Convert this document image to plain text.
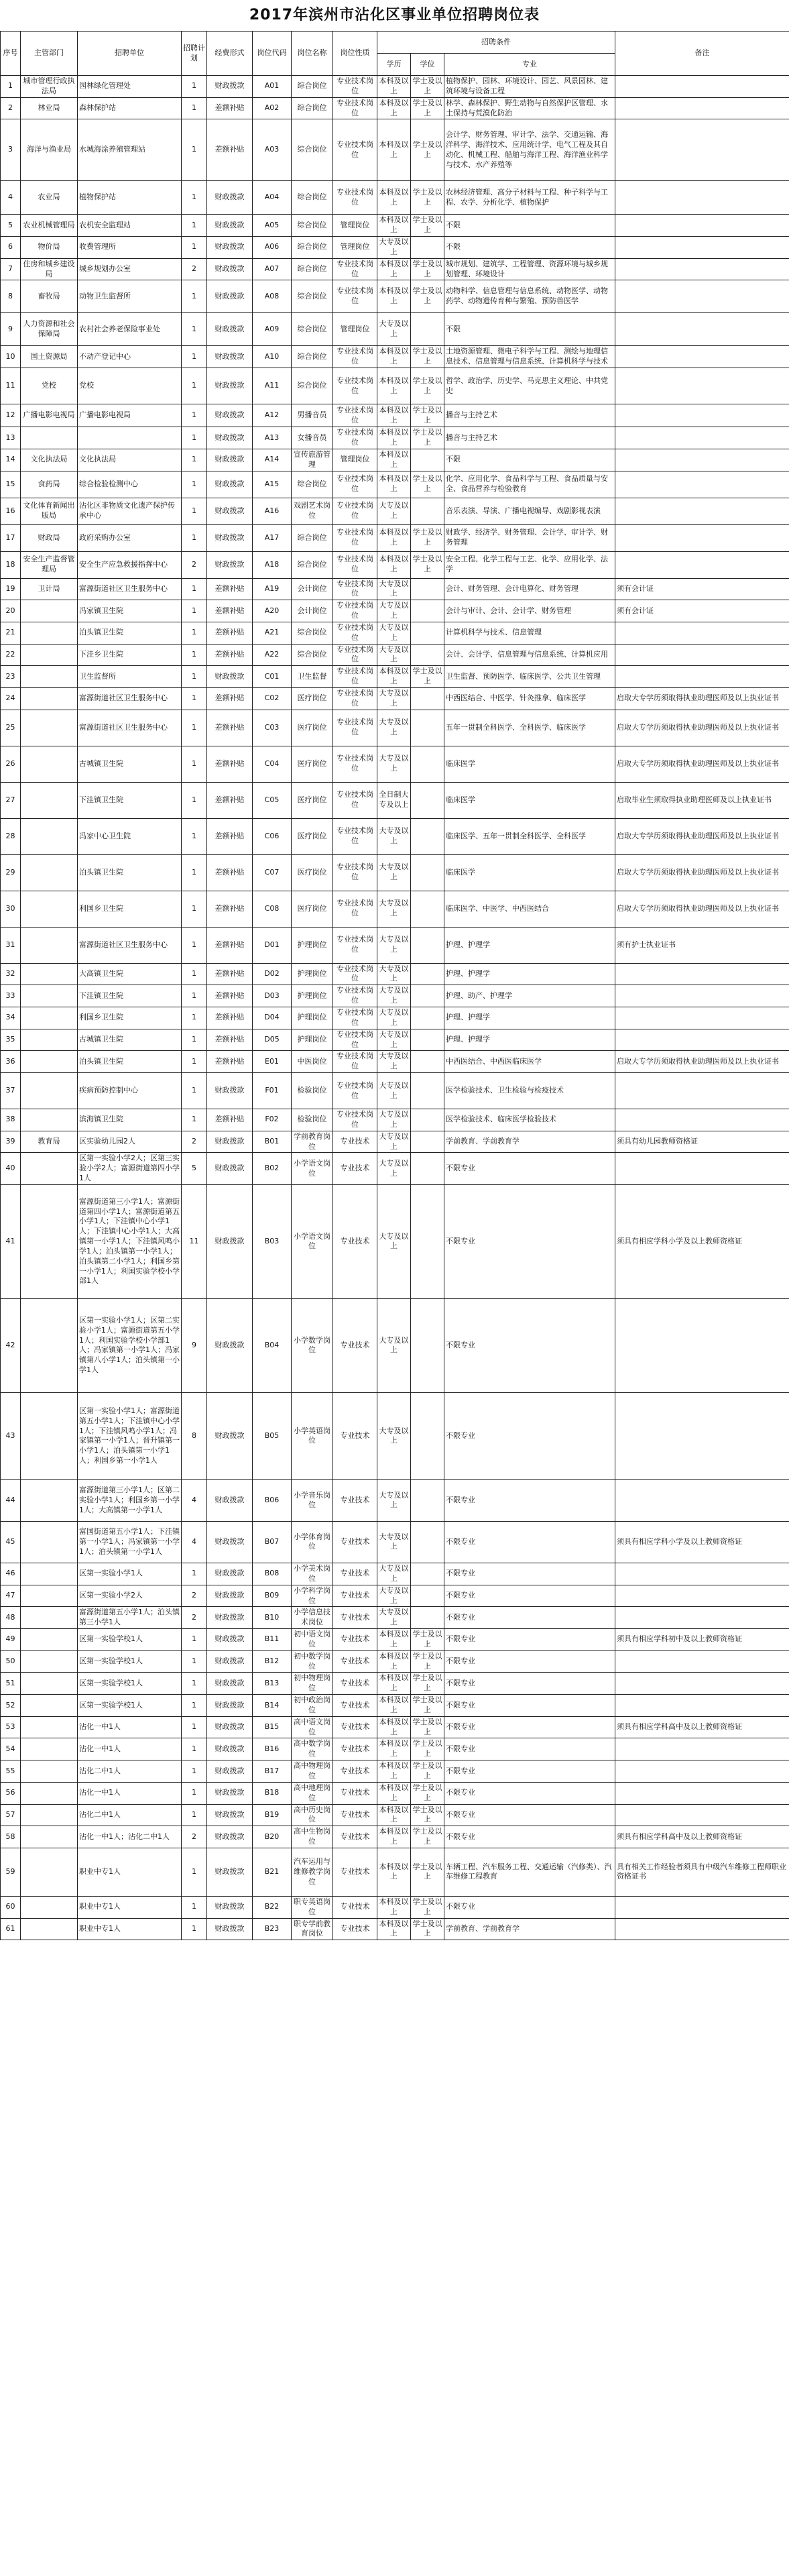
2017年滨州市沾化区事业单位招聘岗位表
序号	主管部门	招聘单位	招聘计划	经费形式	岗位代码	岗位名称	岗位性质	招聘条件			备注
								学历	学位	专业	
1	城市管理行政执法局	园林绿化管理处	1	财政拨款	A01	综合岗位	专业技术岗位	本科及以上	学士及以上	植物保护、园林、环境设计、园艺、风景园林、建筑环境与设备工程	
2	林业局	森林保护站	1	差额补贴	A02	综合岗位	专业技术岗位	本科及以上	学士及以上	林学、森林保护、野生动物与自然保护区管理、水土保持与荒漠化防治	
3	海洋与渔业局	水城海涂养殖管理站	1	差额补贴	A03	综合岗位	专业技术岗位	本科及以上	学士及以上	会计学、财务管理、审计学、法学、交通运输、海洋科学、海洋技术、应用统计学、电气工程及其自动化、机械工程、船舶与海洋工程、海洋渔业科学与技术、水产养殖等	
4	农业局	植物保护站	1	财政拨款	A04	综合岗位	专业技术岗位	本科及以上	学士及以上	农林经济管理、高分子材料与工程、种子科学与工程、农学、分析化学、植物保护	
5	农业机械管理局	农机安全监理站	1	财政拨款	A05	综合岗位	管理岗位	本科及以上	学士及以上	不限	
6	物价局	收费管理所	1	财政拨款	A06	综合岗位	管理岗位	大专及以上		不限	
7	住房和城乡建设局	城乡规划办公室	2	财政拨款	A07	综合岗位	专业技术岗位	本科及以上	学士及以上	城市规划、建筑学、工程管理、资源环境与城乡规划管理、环境设计	
8	畜牧局	动物卫生监督所	1	财政拨款	A08	综合岗位	专业技术岗位	本科及以上	学士及以上	动物科学、信息管理与信息系统、动物医学、动物药学、动物遗传育种与繁殖、预防兽医学	
9	人力资源和社会保障局	农村社会养老保险事业处	1	财政拨款	A09	综合岗位	管理岗位	大专及以上		不限	
10	国土资源局	不动产登记中心	1	财政拨款	A10	综合岗位	专业技术岗位	本科及以上	学士及以上	土地资源管理、微电子科学与工程、测绘与地理信息技术、信息管理与信息系统、计算机科学与技术	
11	党校	党校	1	财政拨款	A11	综合岗位	专业技术岗位	本科及以上	学士及以上	哲学、政治学、历史学、马克思主义理论、中共党史	
12	广播电影电视局	广播电影电视局	1	财政拨款	A12	男播音员	专业技术岗位	本科及以上	学士及以上	播音与主持艺术	
13			1	财政拨款	A13	女播音员	专业技术岗位	本科及以上	学士及以上	播音与主持艺术	
14	文化执法局	文化执法局	1	财政拨款	A14	宣传旅游管理	管理岗位	本科及以上		不限	
15	食药局	综合检验检测中心	1	财政拨款	A15	综合岗位	专业技术岗位	本科及以上	学士及以上	化学、应用化学、食品科学与工程、食品质量与安全、食品营养与检验教育	
16	文化体育新闻出版局	沾化区非物质文化遗产保护传承中心	1	财政拨款	A16	戏剧艺术岗位	专业技术岗位	大专及以上		音乐表演、导演、广播电视编导、戏剧影视表演	
17	财政局	政府采购办公室	1	财政拨款	A17	综合岗位	专业技术岗位	本科及以上	学士及以上	财政学、经济学、财务管理、会计学、审计学、财务管理	
18	安全生产监督管理局	安全生产应急救援指挥中心	2	财政拨款	A18	综合岗位	专业技术岗位	本科及以上	学士及以上	安全工程、化学工程与工艺、化学、应用化学、法学	
19	卫计局	富源街道社区卫生服务中心	1	差额补贴	A19	会计岗位	专业技术岗位	大专及以上		会计、财务管理、会计电算化、财务管理	须有会计证
20		冯家镇卫生院	1	差额补贴	A20	会计岗位	专业技术岗位	大专及以上		会计与审计、会计、会计学、财务管理	须有会计证
21		泊头镇卫生院	1	差额补贴	A21	综合岗位	专业技术岗位	大专及以上		计算机科学与技术、信息管理	
22		下洼乡卫生院	1	差额补贴	A22	综合岗位	专业技术岗位	大专及以上		会计、会计学、信息管理与信息系统、计算机应用	
23		卫生监督所	1	财政拨款	C01	卫生监督	专业技术岗位	本科及以上	学士及以上	卫生监督、预防医学、临床医学、公共卫生管理	
24		富源街道社区卫生服务中心	1	差额补贴	C02	医疗岗位	专业技术岗位	大专及以上		中西医结合、中医学、针灸推拿、临床医学	启取大专学历须取得执业助理医师及以上执业证书
25		富源街道社区卫生服务中心	1	差额补贴	C03	医疗岗位	专业技术岗位	大专及以上		五年一贯制全科医学、全科医学、临床医学	启取大专学历须取得执业助理医师及以上执业证书
26		古城镇卫生院	1	差额补贴	C04	医疗岗位	专业技术岗位	大专及以上		临床医学	启取大专学历须取得执业助理医师及以上执业证书
27		下洼镇卫生院	1	差额补贴	C05	医疗岗位	专业技术岗位	全日制大专及以上		临床医学	启取毕业生须取得执业助理医师及以上执业证书
28		冯家中心卫生院	1	差额补贴	C06	医疗岗位	专业技术岗位	大专及以上		临床医学、五年一贯制全科医学、全科医学	启取大专学历须取得执业助理医师及以上执业证书
29		泊头镇卫生院	1	差额补贴	C07	医疗岗位	专业技术岗位	大专及以上		临床医学	启取大专学历须取得执业助理医师及以上执业证书
30		利国乡卫生院	1	差额补贴	C08	医疗岗位	专业技术岗位	大专及以上		临床医学、中医学、中西医结合	启取大专学历须取得执业助理医师及以上执业证书
31		富源街道社区卫生服务中心	1	差额补贴	D01	护理岗位	专业技术岗位	大专及以上		护理、护理学	须有护士执业证书
32		大高镇卫生院	1	差额补贴	D02	护理岗位	专业技术岗位	大专及以上		护理、护理学	
33		下洼镇卫生院	1	差额补贴	D03	护理岗位	专业技术岗位	大专及以上		护理、助产、护理学	
34		利国乡卫生院	1	差额补贴	D04	护理岗位	专业技术岗位	大专及以上		护理、护理学	
35		古城镇卫生院	1	差额补贴	D05	护理岗位	专业技术岗位	大专及以上		护理、护理学	
36		泊头镇卫生院	1	差额补贴	E01	中医岗位	专业技术岗位	大专及以上		中西医结合、中西医临床医学	启取大专学历须取得执业助理医师及以上执业证书
37		疾病预防控制中心	1	财政拨款	F01	检验岗位	专业技术岗位	大专及以上		医学检验技术、卫生检验与检疫技术	
38		滨海镇卫生院	1	差额补贴	F02	检验岗位	专业技术岗位	大专及以上		医学检验技术、临床医学检验技术	
39	教育局	区实验幼儿园2人	2	财政拨款	B01	学前教育岗位	专业技术	大专及以上		学前教育、学前教育学	须具有幼儿园教师资格证
40		区第一实验小学2人；区第三实验小学2人；富源街道第四小学1人	5	财政拨款	B02	小学语文岗位	专业技术	大专及以上		不限专业	
41		富源街道第三小学1人；富源街道第四小学1人；富源街道第五小学1人；下洼镇中心小学1人；下洼镇中心小学1人；大高镇第一小学1人；下洼镇风鸣小学1人；泊头镇第一小学1人；泊头镇第二小学1人；利国乡第一小学1人；利国实验学校小学部1人	11	财政拨款	B03	小学语文岗位	专业技术	大专及以上		不限专业	须具有相应学科小学及以上教师资格证
42		区第一实验小学1人；区第二实验小学1人；富源街道第五小学1人；利国实验学校小学部1人；冯家镇第一小学1人；冯家镇第八小学1人；泊头镇第一小学1人	9	财政拨款	B04	小学数学岗位	专业技术	大专及以上		不限专业	
43		区第一实验小学1人；富源街道第五小学1人；下洼镇中心小学1人；下洼镇风鸣小学1人；冯家镇第一小学1人；晋升镇第一小学1人；泊头镇第一小学1人；利国乡第一小学1人	8	财政拨款	B05	小学英语岗位	专业技术	大专及以上		不限专业	
44		富源街道第三小学1人；区第二实验小学1人；利国乡第一小学1人；大高镇第一小学1人	4	财政拨款	B06	小学音乐岗位	专业技术	大专及以上		不限专业	
45		富国街道第五小学1人；下洼镇第一小学1人；冯家镇第一小学1人；泊头镇第一小学1人	4	财政拨款	B07	小学体育岗位	专业技术	大专及以上		不限专业	须具有相应学科小学及以上教师资格证
46		区第一实验小学1人	1	财政拨款	B08	小学美术岗位	专业技术	大专及以上		不限专业	
47		区第一实验小学2人	2	财政拨款	B09	小学科学岗位	专业技术	大专及以上		不限专业	
48		富源街道第五小学1人；泊头镇第三小学1人	2	财政拨款	B10	小学信息技术岗位	专业技术	大专及以上		不限专业	
49		区第一实验学校1人	1	财政拨款	B11	初中语文岗位	专业技术	本科及以上	学士及以上	不限专业	须具有相应学科初中及以上教师资格证
50		区第一实验学校1人	1	财政拨款	B12	初中数学岗位	专业技术	本科及以上	学士及以上	不限专业	
51		区第一实验学校1人	1	财政拨款	B13	初中物理岗位	专业技术	本科及以上	学士及以上	不限专业	
52		区第一实验学校1人	1	财政拨款	B14	初中政治岗位	专业技术	本科及以上	学士及以上	不限专业	
53		沾化一中1人	1	财政拨款	B15	高中语文岗位	专业技术	本科及以上	学士及以上	不限专业	须具有相应学科高中及以上教师资格证
54		沾化一中1人	1	财政拨款	B16	高中数学岗位	专业技术	本科及以上	学士及以上	不限专业	
55		沾化二中1人	1	财政拨款	B17	高中物理岗位	专业技术	本科及以上	学士及以上	不限专业	
56		沾化一中1人	1	财政拨款	B18	高中地理岗位	专业技术	本科及以上	学士及以上	不限专业	
57		沾化二中1人	1	财政拨款	B19	高中历史岗位	专业技术	本科及以上	学士及以上	不限专业	
58		沾化一中1人；沾化二中1人	2	财政拨款	B20	高中生物岗位	专业技术	本科及以上	学士及以上	不限专业	须具有相应学科高中及以上教师资格证
59		职业中专1人	1	财政拨款	B21	汽车运用与维修教学岗位	专业技术	本科及以上	学士及以上	车辆工程、汽车服务工程、交通运输（汽修类）、汽车维修工程教育	具有相关工作经验者须具有中级汽车维修工程师职业资格证书
60		职业中专1人	1	财政拨款	B22	职专英语岗位	专业技术	本科及以上	学士及以上	不限专业	
61		职业中专1人	1	财政拨款	B23	职专学前教育岗位	专业技术	本科及以上	学士及以上	学前教育、学前教育学	
